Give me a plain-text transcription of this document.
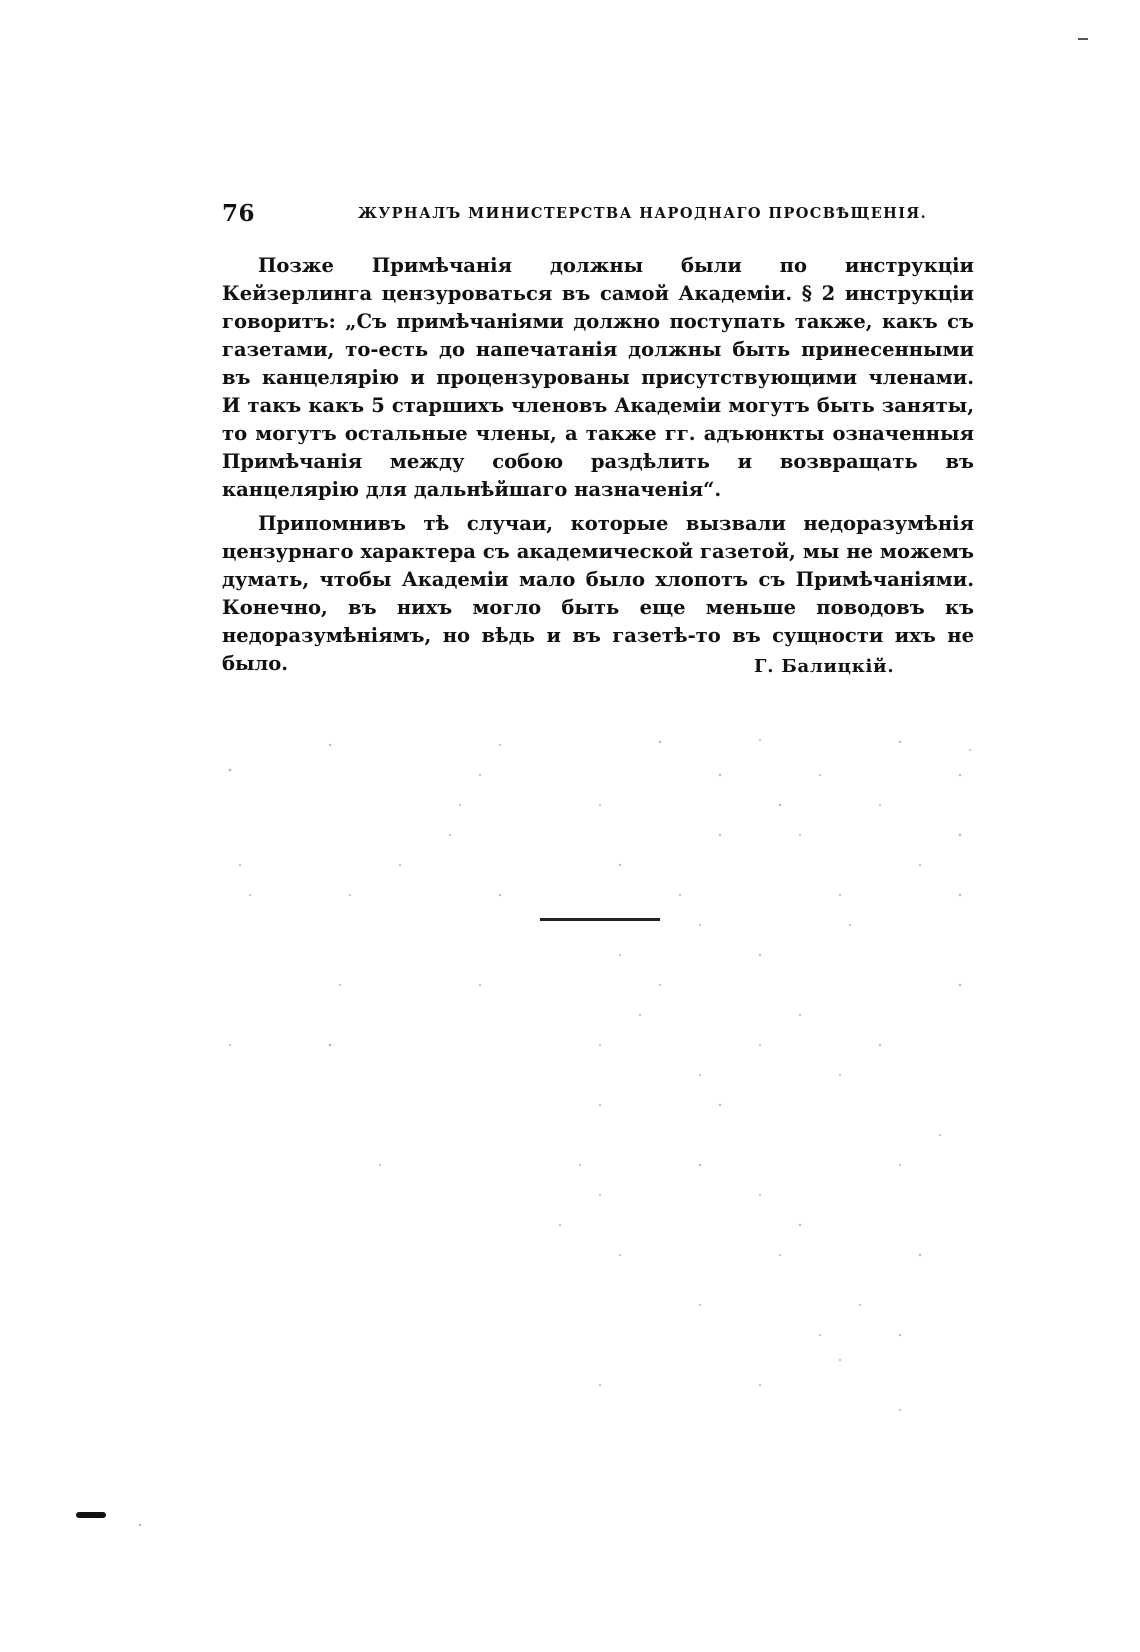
76	ЖУРНАЛЪ МИНИСТЕРСТВА НАРОДНАГО ПРОСВѢЩЕНІЯ.

Позже Примѣчанія должны были по инструкціи Кейзерлинга цензуроваться въ самой Академіи. § 2 инструкціи говоритъ: „Съ примѣчаніями должно поступать также, какъ съ газетами, то-есть до напечатанія должны быть принесенными въ канцелярію и процензурованы присутствующими членами. И такъ какъ 5 старшихъ членовъ Академіи могутъ быть заняты, то могутъ остальные члены, а также гг. адъюнкты означенныя Примѣчанія между собою раздѣлить и возвращать въ канцелярію для дальнѣйшаго назначенія“.

Припомнивъ тѣ случаи, которые вызвали недоразумѣнія цензурнаго характера съ академической газетой, мы не можемъ думать, чтобы Академіи мало было хлопотъ съ Примѣчаніями. Конечно, въ нихъ могло быть еще меньше поводовъ къ недоразумѣніямъ, но вѣдь и въ газетѣ-то въ сущности ихъ не было.	Г. Балицкій.
